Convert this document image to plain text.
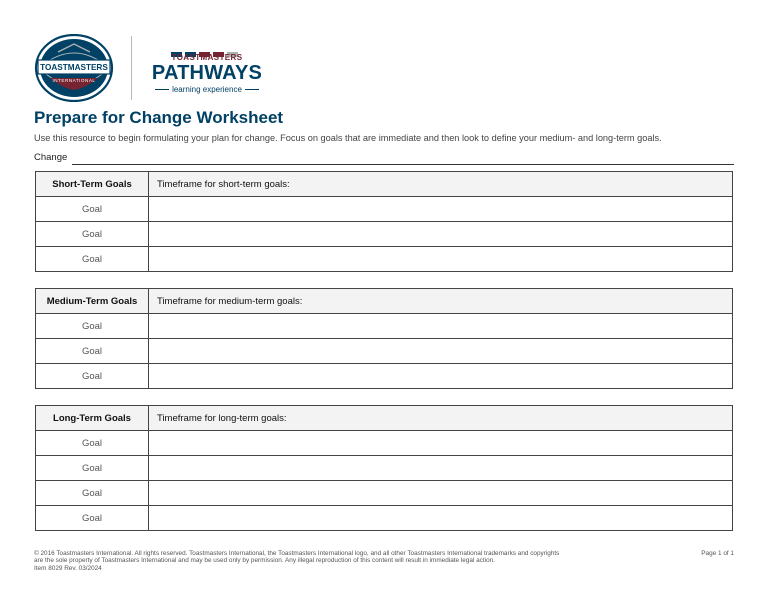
TOASTMASTERS
INTERNATIONAL
TOASTMASTERS
PATHWAYS
learning experience
Prepare for Change Worksheet

Use this resource to begin formulating your plan for change. Focus on goals that are immediate and then look to define your medium- and long-term goals.

Change
Short-Term Goals	Timeframe for short-term goals:
Goal	
Goal	
Goal	
Medium-Term Goals	Timeframe for medium-term goals:
Goal	
Goal	
Goal	
Long-Term Goals	Timeframe for long-term goals:
Goal	
Goal	
Goal	
Goal	
© 2016 Toastmasters International. All rights reserved. Toastmasters International, the Toastmasters International logo, and all other Toastmasters International trademarks and copyrights
are the sole property of Toastmasters International and may be used only by permission. Any illegal reproduction of this content will result in immediate legal action.
Item 8029 Rev. 03/2024
Page 1 of 1
